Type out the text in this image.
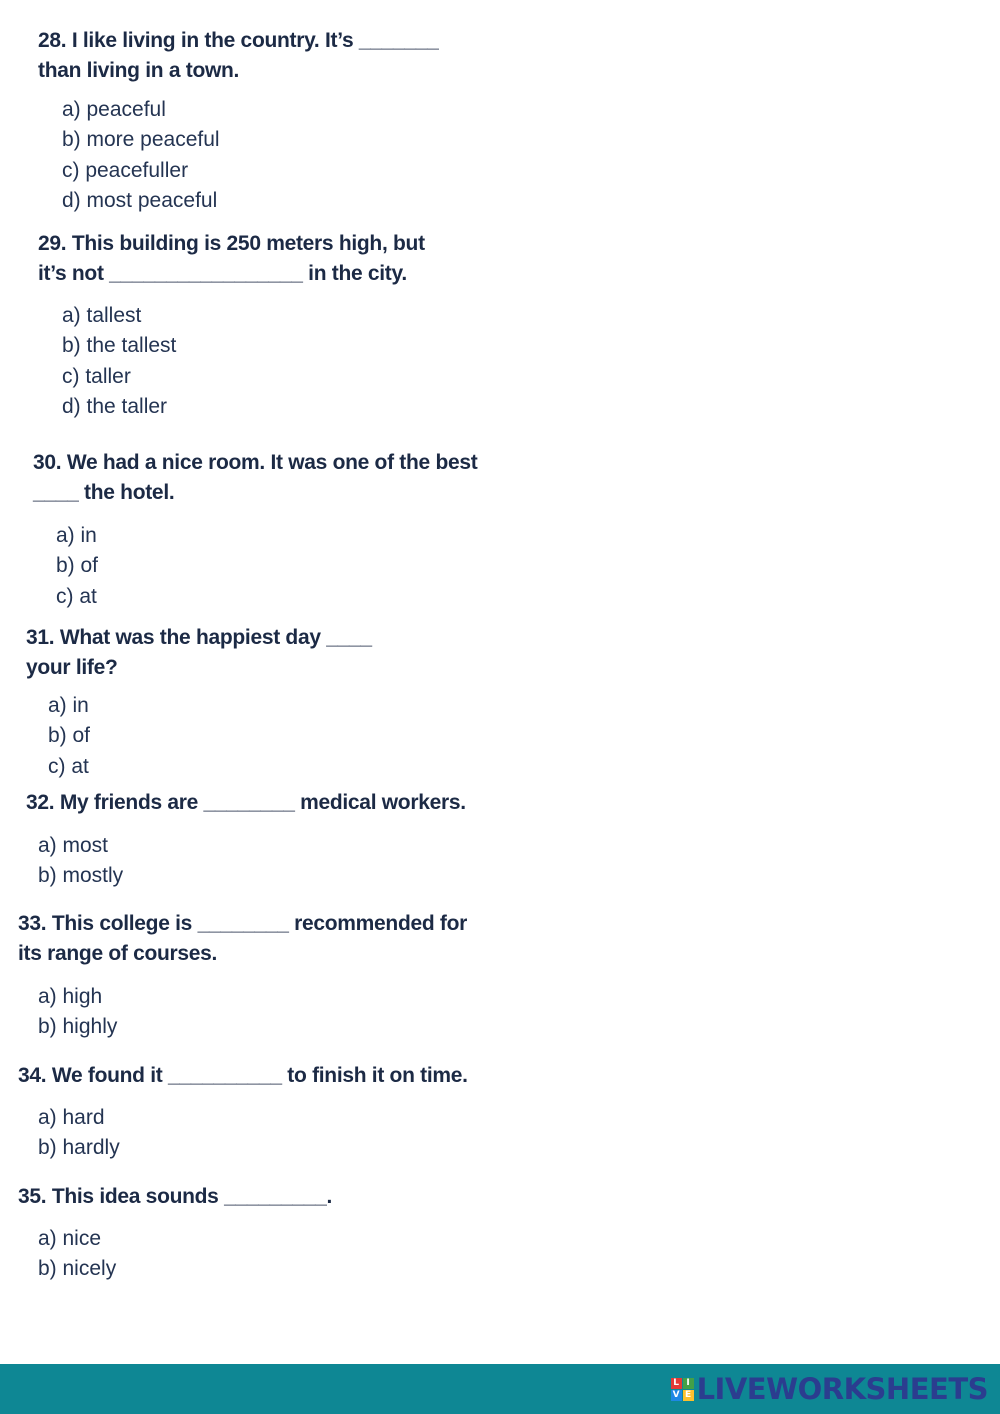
28. I like living in the country. It’s _______
than living in a town.

a) peaceful
b) more peaceful
c) peacefuller
d) most peaceful

29. This building is 250 meters high, but
it’s not _________________ in the city.

a) tallest
b) the tallest
c) taller
d) the taller

30. We had a nice room. It was one of the best
____ the hotel.

a) in
b) of
c) at

31. What was the happiest day ____
your life?

a) in
b) of
c) at

32. My friends are ________ medical workers.

a) most
b) mostly

33. This college is ________ recommended for
its range of courses.

a) high
b) highly

34. We found it __________ to finish it on time.

a) hard
b) hardly

35. This idea sounds _________.

a) nice
b) nicely
L I
V E LIVEWORKSHEETS
